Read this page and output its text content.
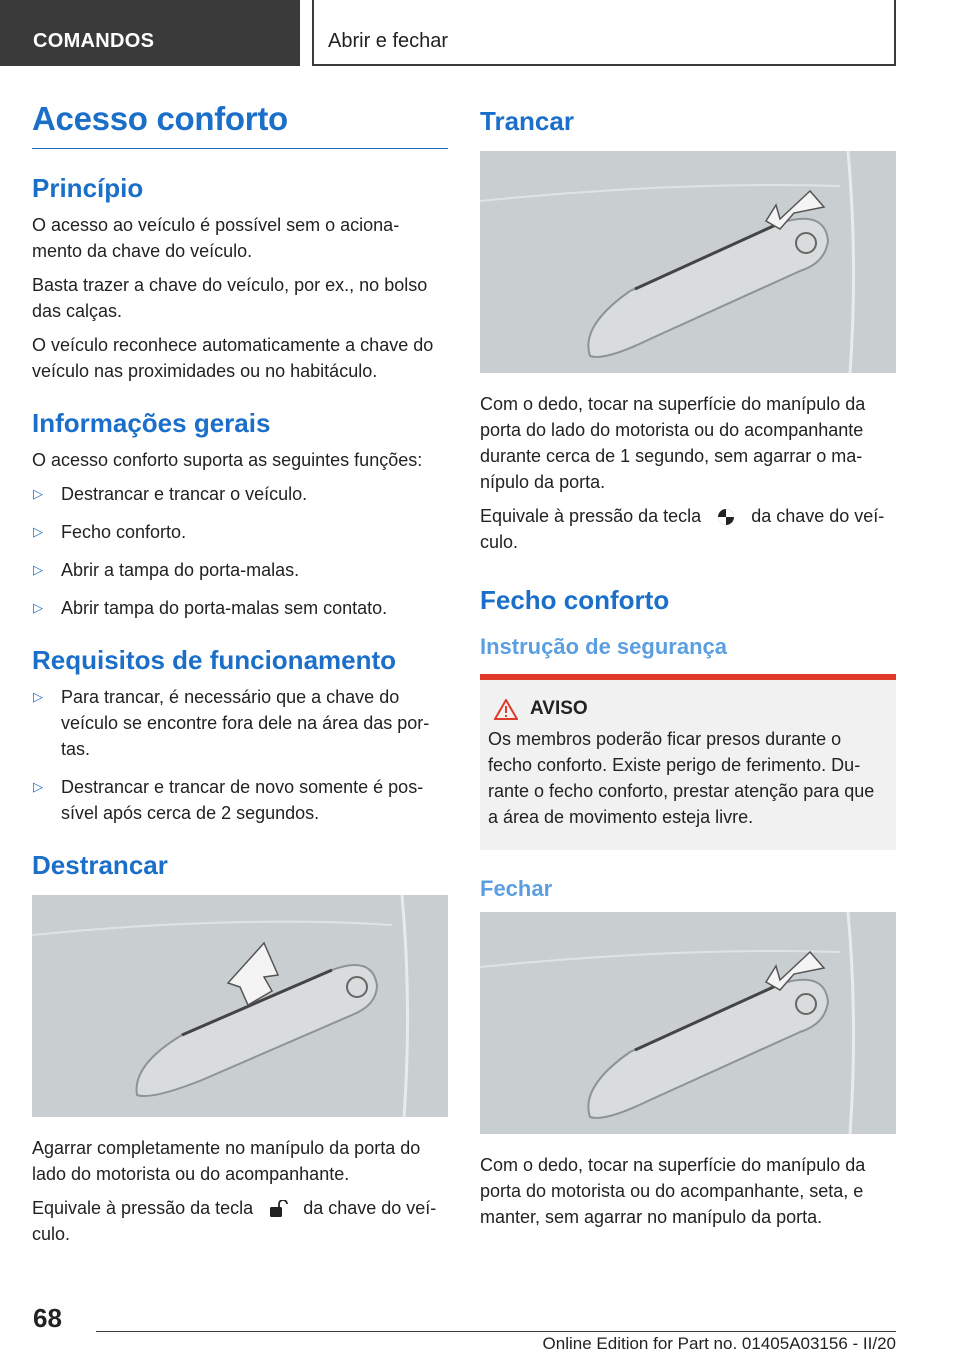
COMANDOS	Abrir e fechar
Acesso conforto
Princípio

O acesso ao veículo é possível sem o aciona‐ mento da chave do veículo.

Basta trazer a chave do veículo, por ex., no bolso das calças.

O veículo reconhece automaticamente a chave do veículo nas proximidades ou no habitáculo.

Informações gerais

O acesso conforto suporta as seguintes funções:

▷ Destrancar e trancar o veículo.
▷ Fecho conforto.
▷ Abrir a tampa do porta-malas.
▷ Abrir tampa do porta-malas sem contato.
Requisitos de funcionamento
▷ Para trancar, é necessário que a chave do veículo se encontre fora dele na área das por‐ tas.
▷ Destrancar e trancar de novo somente é pos‐ sível após cerca de 2 segundos.
Destrancar

Agarrar completamente no manípulo da porta do lado do motorista ou do acompanhante.

Equivale à pressão da tecla	da chave do veí‐ culo.

Trancar

Com o dedo, tocar na superfície do manípulo da porta do lado do motorista ou do acompanhante durante cerca de 1 segundo, sem agarrar o ma‐ nípulo da porta.

Equivale à pressão da tecla	da chave do veí‐ culo.

Fecho conforto
Instrução de segurança
AVISO

Os membros poderão ficar presos durante o fecho conforto. Existe perigo de ferimento. Du‐ rante o fecho conforto, prestar atenção para que a área de movimento esteja livre.

Fechar

Com o dedo, tocar na superfície do manípulo da porta do motorista ou do acompanhante, seta, e manter, sem agarrar no manípulo da porta.

68
Online Edition for Part no. 01405A03156 - II/20
